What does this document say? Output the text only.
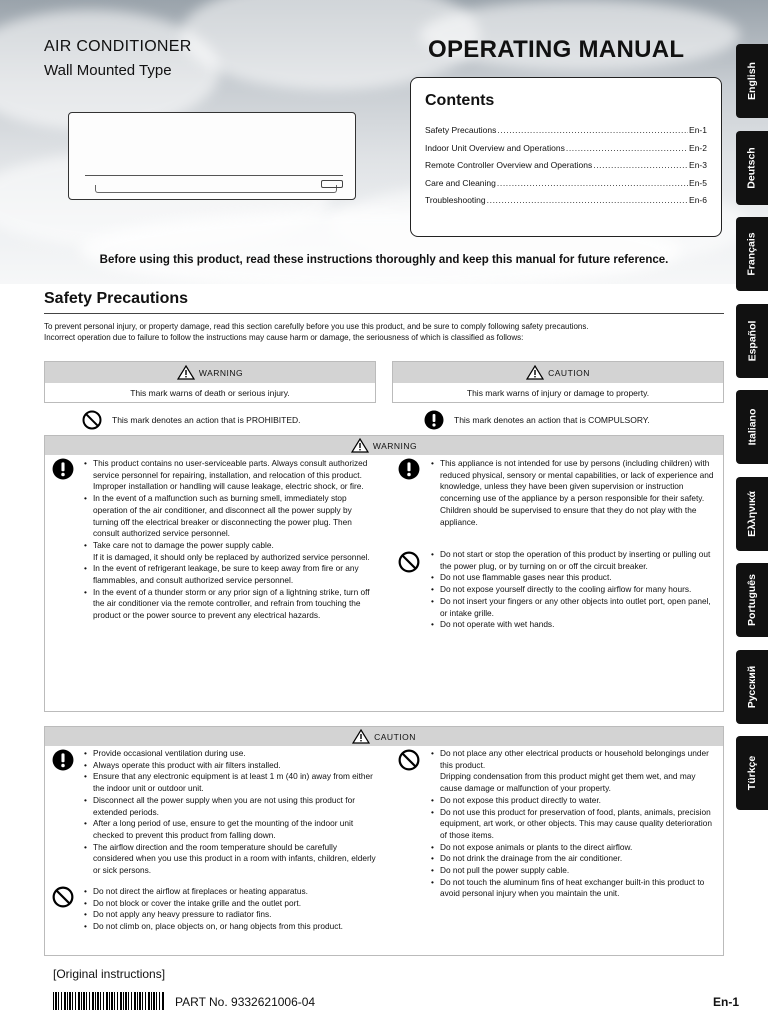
AIR CONDITIONER
Wall Mounted Type
OPERATING MANUAL
Contents
Safety Precautions .....	En-1
Indoor Unit Overview and Operations .....	En-2
Remote Controller Overview and Operations .....	En-3
Care and Cleaning .....	En-5
Troubleshooting .....	En-6
Before using this product, read these instructions thoroughly and keep this manual for future reference.
English
Deutsch
Français
Español
Italiano
Ελληνικά
Português
Русский
Türkçe
Safety Precautions
To prevent personal injury, or property damage, read this section carefully before you use this product, and be sure to comply following safety precautions.
Incorrect operation due to failure to follow the instructions may cause harm or damage, the seriousness of which is classified as follows:
WARNING
This mark warns of death or serious injury.
CAUTION
This mark warns of injury or damage to property.
This mark denotes an action that is PROHIBITED.	This mark denotes an action that is COMPULSORY.
WARNING
• This product contains no user-serviceable parts. Always consult authorized service personnel for repairing, installation, and relocation of this product.
Improper installation or handling will cause leakage, electric shock, or fire.
• In the event of a malfunction such as burning smell, immediately stop operation of the air conditioner, and disconnect all the power supply by turning off the electrical breaker or disconnecting the power plug. Then consult authorized service personnel.
• Take care not to damage the power supply cable.
If it is damaged, it should only be replaced by authorized service personnel.
• In the event of refrigerant leakage, be sure to keep away from fire or any flammables, and consult authorized service personnel.
• In the event of a thunder storm or any prior sign of a lightning strike, turn off the air conditioner via the remote controller, and refrain from touching the product or the power source to prevent any electrical hazards.
• This appliance is not intended for use by persons (including children) with reduced physical, sensory or mental capabilities, or lack of experience and knowledge, unless they have been given supervision or instruction concerning use of the appliance by a person responsible for their safety. Children should be supervised to ensure that they do not play with the appliance.
• Do not start or stop the operation of this product by inserting or pulling out the power plug, or by turning on or off the circuit breaker.
• Do not use flammable gases near this product.
• Do not expose yourself directly to the cooling airflow for many hours.
• Do not insert your fingers or any other objects into outlet port, open panel, or intake grille.
• Do not operate with wet hands.
CAUTION
• Provide occasional ventilation during use.
• Always operate this product with air filters installed.
• Ensure that any electronic equipment is at least 1 m (40 in) away from either the indoor unit or outdoor unit.
• Disconnect all the power supply when you are not using this product for extended periods.
• After a long period of use, ensure to get the mounting of the indoor unit checked to prevent this product from falling down.
• The airflow direction and the room temperature should be carefully considered when you use this product in a room with infants, children, elderly or sick persons.
• Do not direct the airflow at fireplaces or heating apparatus.
• Do not block or cover the intake grille and the outlet port.
• Do not apply any heavy pressure to radiator fins.
• Do not climb on, place objects on, or hang objects from this product.
• Do not place any other electrical products or household belongings under this product.
Dripping condensation from this product might get them wet, and may cause damage or malfunction of your property.
• Do not expose this product directly to water.
• Do not use this product for preservation of food, plants, animals, precision equipment, art work, or other objects. This may cause quality deterioration of those items.
• Do not expose animals or plants to the direct airflow.
• Do not drink the drainage from the air conditioner.
• Do not pull the power supply cable.
• Do not touch the aluminum fins of heat exchanger built-in this product to avoid personal injury when you maintain the unit.
[Original instructions]
PART No. 9332621006-04	En-1
